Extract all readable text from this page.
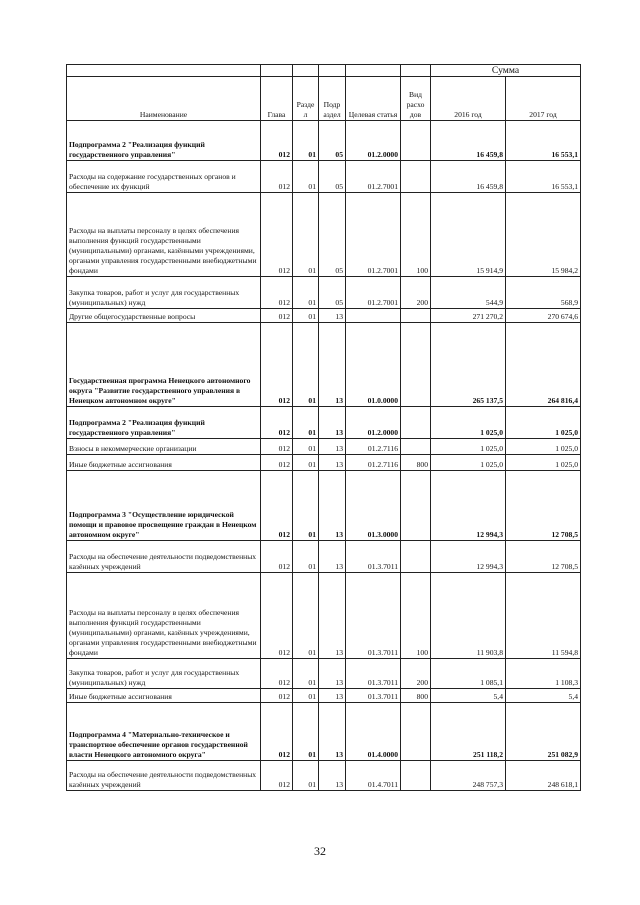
						Сумма	
Наименование	Глава	Разде л	Подр аздел	Целевая статья	Вид расхо дов	2016 год	2017 год
Подпрограмма 2 "Реализация функций государственного управления"	012	01	05	01.2.0000		16 459,8	16 553,1
Расходы на содержание государственных органов и обеспечение их функций	012	01	05	01.2.7001		16 459,8	16 553,1
Расходы на выплаты персоналу в целях обеспечения выполнения функций государственными (муниципальными) органами, казёнными учреждениями, органами управления государственными внебюджетными фондами	012	01	05	01.2.7001	100	15 914,9	15 984,2
Закупка товаров, работ и услуг для государственных (муниципальных) нужд	012	01	05	01.2.7001	200	544,9	568,9
Другие общегосударственные вопросы	012	01	13			271 270,2	270 674,6
Государственная программа Ненецкого автономного округа "Развитие государственного управления в Ненецком автономном округе"	012	01	13	01.0.0000		265 137,5	264 816,4
Подпрограмма 2 "Реализация функций государственного управления"	012	01	13	01.2.0000		1 025,0	1 025,0
Взносы в некоммерческие организации	012	01	13	01.2.7116		1 025,0	1 025,0
Иные бюджетные ассигнования	012	01	13	01.2.7116	800	1 025,0	1 025,0
Подпрограмма 3 "Осуществление юридической помощи и правовое просвещение граждан в Ненецком автономном округе"	012	01	13	01.3.0000		12 994,3	12 708,5
Расходы на обеспечение деятельности подведомственных казённых учреждений	012	01	13	01.3.7011		12 994,3	12 708,5
Расходы на выплаты персоналу в целях обеспечения выполнения функций государственными (муниципальными) органами, казённых учреждениями, органами управления государственными внебюджетными фондами	012	01	13	01.3.7011	100	11 903,8	11 594,8
Закупка товаров, работ и услуг для государственных (муниципальных) нужд	012	01	13	01.3.7011	200	1 085,1	1 108,3
Иные бюджетные ассигнования	012	01	13	01.3.7011	800	5,4	5,4
Подпрограмма 4 "Материально-техническое и транспортное обеспечение органов государственной власти Ненецкого автономного округа"	012	01	13	01.4.0000		251 118,2	251 082,9
Расходы на обеспечение деятельности подведомственных казённых учреждений	012	01	13	01.4.7011		248 757,3	248 618,1
32
